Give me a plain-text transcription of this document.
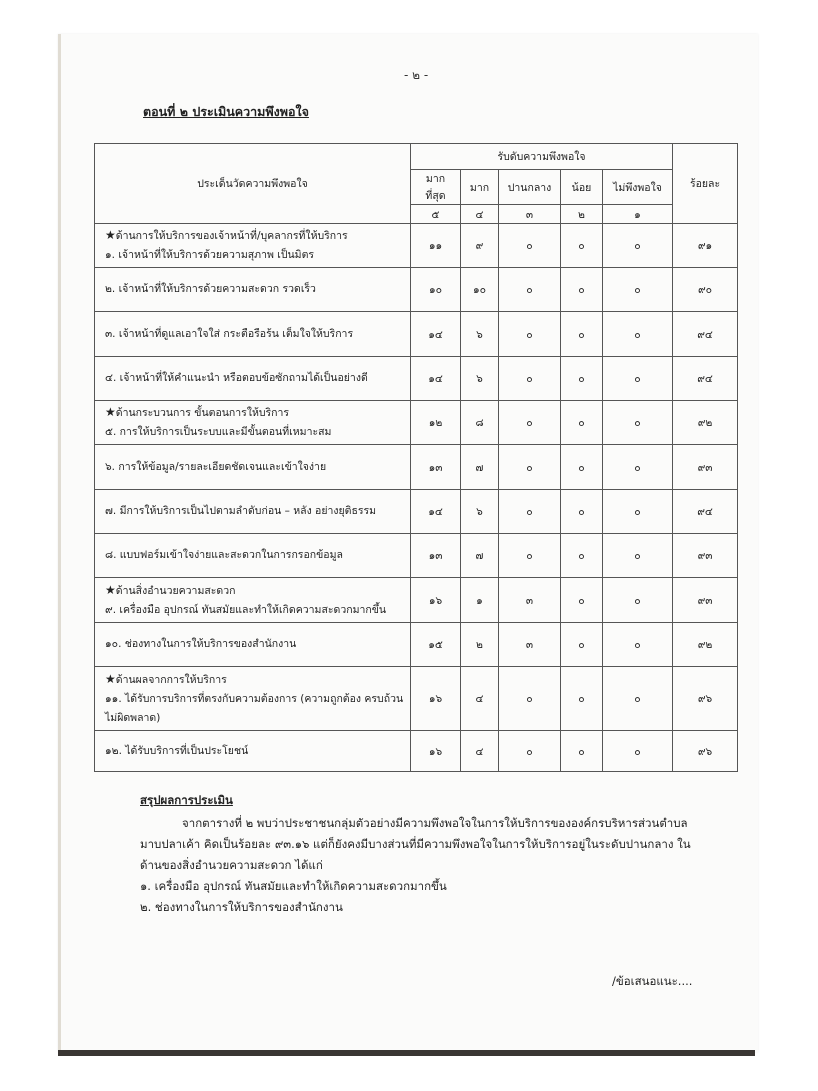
- ๒ -
ตอนที่ ๒ ประเมินความพึงพอใจ
ประเด็นวัดความพึงพอใจ	รับดับความพึงพอใจ					ร้อยละ
	มากที่สุด	มาก	ปานกลาง	น้อย	ไม่พึงพอใจ	
	๕	๔	๓	๒	๑	

★ด้านการให้บริการของเจ้าหน้าที่/บุคลากรที่ให้บริการ
๑. เจ้าหน้าที่ให้บริการด้วยความสุภาพ เป็นมิตร	๑๑	๙	๐	๐	๐	๙๑

๒. เจ้าหน้าที่ให้บริการด้วยความสะดวก รวดเร็ว	๑๐	๑๐	๐	๐	๐	๙๐

๓. เจ้าหน้าที่ดูแลเอาใจใส่ กระตือรือร้น เต็มใจให้บริการ	๑๔	๖	๐	๐	๐	๙๔

๔. เจ้าหน้าที่ให้คำแนะนำ หรือตอบข้อซักถามได้เป็นอย่างดี	๑๔	๖	๐	๐	๐	๙๔

★ด้านกระบวนการ ขั้นตอนการให้บริการ
๕. การให้บริการเป็นระบบและมีขั้นตอนที่เหมาะสม	๑๒	๘	๐	๐	๐	๙๒

๖. การให้ข้อมูล/รายละเอียดชัดเจนและเข้าใจง่าย	๑๓	๗	๐	๐	๐	๙๓

๗. มีการให้บริการเป็นไปตามลำดับก่อน – หลัง อย่างยุติธรรม	๑๔	๖	๐	๐	๐	๙๔

๘. แบบฟอร์มเข้าใจง่ายและสะดวกในการกรอกข้อมูล	๑๓	๗	๐	๐	๐	๙๓

★ด้านสิ่งอำนวยความสะดวก
๙. เครื่องมือ อุปกรณ์ ทันสมัยและทำให้เกิดความสะดวกมากขึ้น	๑๖	๑	๓	๐	๐	๙๓

๑๐. ช่องทางในการให้บริการของสำนักงาน	๑๕	๒	๓	๐	๐	๙๒

★ด้านผลจากการให้บริการ
๑๑. ได้รับการบริการที่ตรงกับความต้องการ (ความถูกต้อง ครบถ้วน ไม่ผิดพลาด)	๑๖	๔	๐	๐	๐	๙๖

๑๒. ได้รับบริการที่เป็นประโยชน์	๑๖	๔	๐	๐	๐	๙๖
สรุปผลการประเมิน

จากตารางที่ ๒ พบว่าประชาชนกลุ่มตัวอย่างมีความพึงพอใจในการให้บริการขององค์กรบริหารส่วนตำบลมาบปลาเค้า คิดเป็นร้อยละ ๙๓.๑๖ แต่ก็ยังคงมีบางส่วนที่มีความพึงพอใจในการให้บริการอยู่ในระดับปานกลาง ในด้านของสิ่งอำนวยความสะดวก ได้แก่

๑. เครื่องมือ อุปกรณ์ ทันสมัยและทำให้เกิดความสะดวกมากขึ้น

๒. ช่องทางในการให้บริการของสำนักงาน

/ข้อเสนอแนะ....
